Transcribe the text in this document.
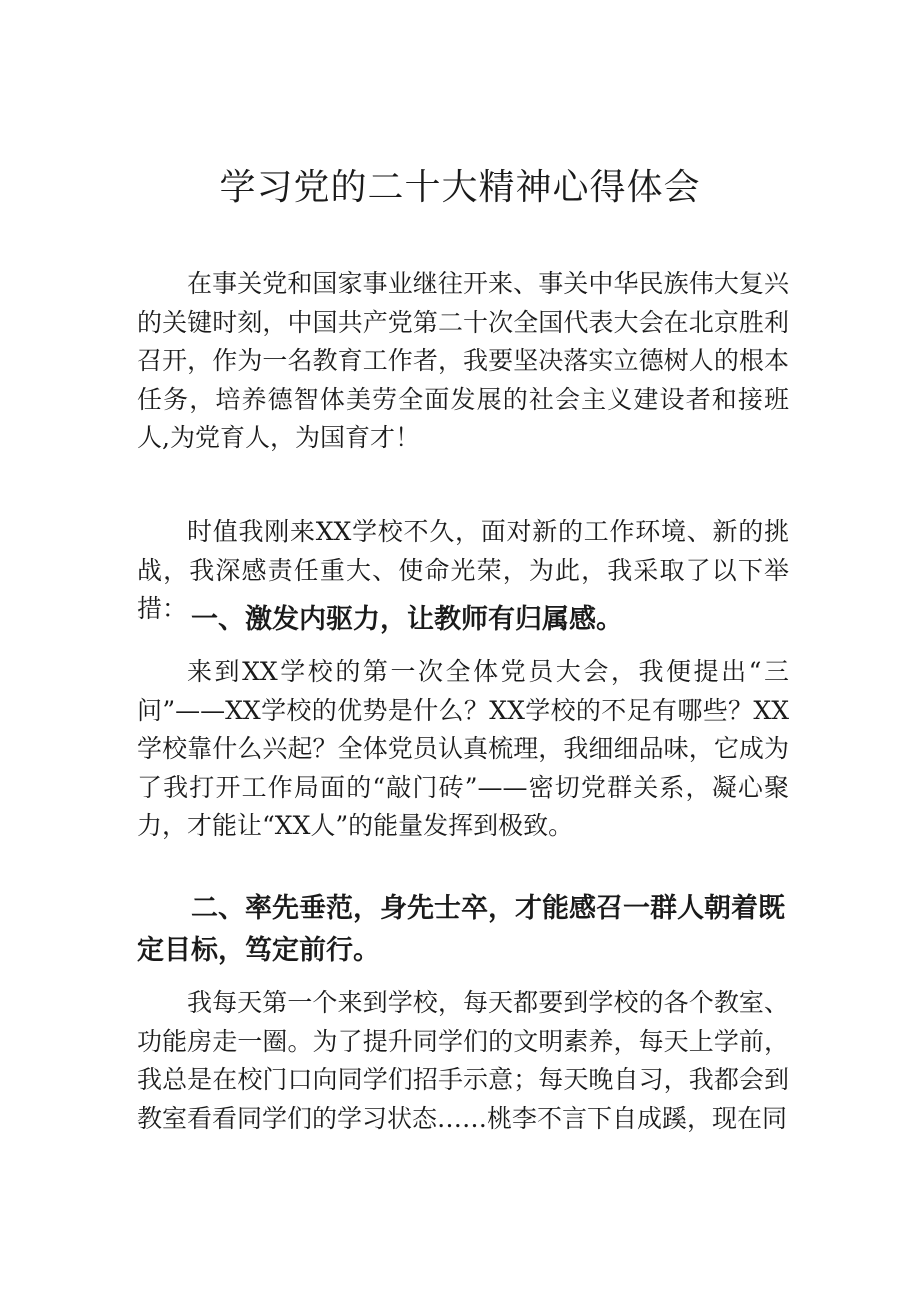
学习党的二十大精神心得体会

在事关党和国家事业继往开来、事关中华民族伟大复兴的关键时刻，中国共产党第二十次全国代表大会在北京胜利召开，作为一名教育工作者，我要坚决落实立德树人的根本任务，培养德智体美劳全面发展的社会主义建设者和接班人,为党育人，为国育才！

时值我刚来XX学校不久，面对新的工作环境、新的挑战，我深感责任重大、使命光荣，为此，我采取了以下举措： 一、激发内驱力，让教师有归属感。

来到XX学校的第一次全体党员大会，我便提出“三问”——XX学校的优势是什么？XX学校的不足有哪些？XX学校靠什么兴起？全体党员认真梳理，我细细品味，它成为了我打开工作局面的“敲门砖”——密切党群关系，凝心聚力，才能让“XX人”的能量发挥到极致。

二、率先垂范，身先士卒，才能感召一群人朝着既定目标，笃定前行。

我每天第一个来到学校，每天都要到学校的各个教室、功能房走一圈。为了提升同学们的文明素养，每天上学前，我总是在校门口向同学们招手示意；每天晚自习，我都会到教室看看同学们的学习状态……桃李不言下自成蹊，现在同
